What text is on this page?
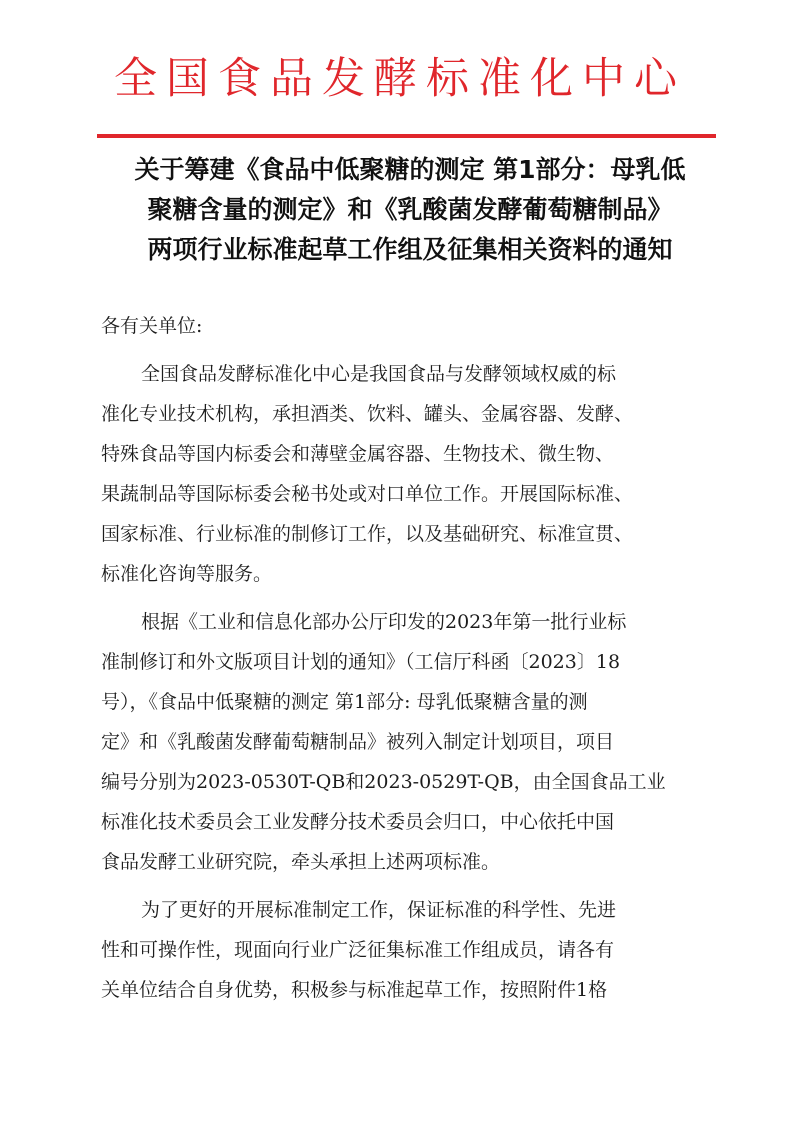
全国食品发酵标准化中心
关于筹建《食品中低聚糖的测定 第1部分：母乳低
聚糖含量的测定》和《乳酸菌发酵葡萄糖制品》
两项行业标准起草工作组及征集相关资料的通知
各有关单位:
全国食品发酵标准化中心是我国食品与发酵领域权威的标
准化专业技术机构，承担酒类、饮料、罐头、金属容器、发酵、
特殊食品等国内标委会和薄壁金属容器、生物技术、微生物、
果蔬制品等国际标委会秘书处或对口单位工作。开展国际标准、
国家标准、行业标准的制修订工作，以及基础研究、标准宣贯、
标准化咨询等服务。
根据《工业和信息化部办公厅印发的2023年第一批行业标
准制修订和外文版项目计划的通知》（工信厅科函〔2023〕18
号），《食品中低聚糖的测定 第1部分: 母乳低聚糖含量的测
定》和《乳酸菌发酵葡萄糖制品》被列入制定计划项目，项目
编号分别为2023-0530T-QB和2023-0529T-QB，由全国食品工业
标准化技术委员会工业发酵分技术委员会归口，中心依托中国
食品发酵工业研究院，牵头承担上述两项标准。
为了更好的开展标准制定工作，保证标准的科学性、先进
性和可操作性，现面向行业广泛征集标准工作组成员，请各有
关单位结合自身优势，积极参与标准起草工作，按照附件1格
